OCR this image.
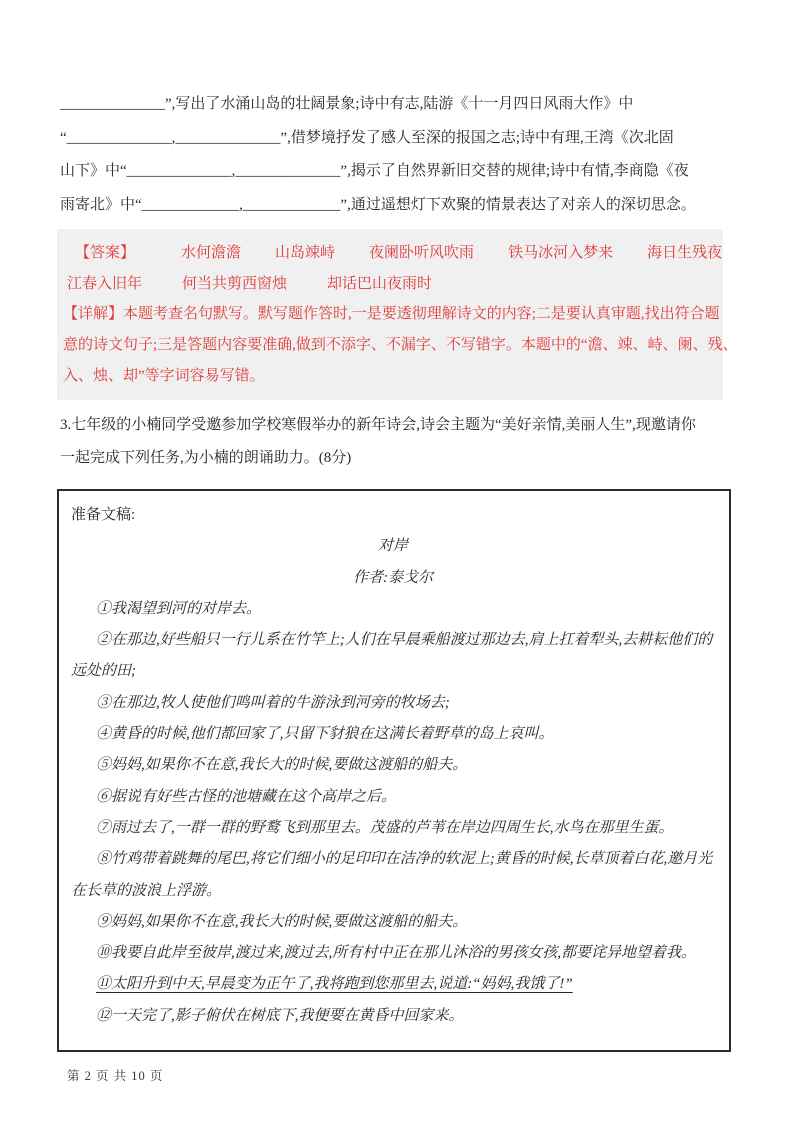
______________”,写出了水涌山岛的壮阔景象;诗中有志,陆游《十一月四日风雨大作》中
“______________,______________”,借梦境抒发了感人至深的报国之志;诗中有理,王湾《次北固
山下》中“______________,______________”,揭示了自然界新旧交替的规律;诗中有情,李商隐《夜
雨寄北》中“_____________,_____________”,通过遥想灯下欢聚的情景表达了对亲人的深切思念。
【答案】	水何澹澹 山岛竦峙 夜阑卧听风吹雨 铁马冰河入梦来 海日生残夜
江春入旧年	何当共剪西窗烛	却话巴山夜雨时
【详解】本题考查名句默写。默写题作答时,一是要透彻理解诗文的内容;二是要认真审题,找出符合题
意的诗文句子;三是答题内容要准确,做到不添字、不漏字、不写错字。本题中的“澹、竦、峙、阑、残、
入、烛、却”等字词容易写错。
3.七年级的小楠同学受邀参加学校寒假举办的新年诗会,诗会主题为“美好亲情,美丽人生”,现邀请你
一起完成下列任务,为小楠的朗诵助力。(8分)
准备文稿:
对岸
作者:泰戈尔
①我渴望到河的对岸去。
②在那边,好些船只一行儿系在竹竿上;人们在早晨乘船渡过那边去,肩上扛着犁头,去耕耘他们的
远处的田;
③在那边,牧人使他们鸣叫着的牛游泳到河旁的牧场去;
④黄昏的时候,他们都回家了,只留下豺狼在这满长着野草的岛上哀叫。
⑤妈妈,如果你不在意,我长大的时候,要做这渡船的船夫。
⑥据说有好些古怪的池塘藏在这个高岸之后。
⑦雨过去了,一群一群的野鹜飞到那里去。茂盛的芦苇在岸边四周生长,水鸟在那里生蛋。
⑧竹鸡带着跳舞的尾巴,将它们细小的足印印在洁净的软泥上;黄昏的时候,长草顶着白花,邀月光
在长草的波浪上浮游。
⑨妈妈,如果你不在意,我长大的时候,要做这渡船的船夫。
⑩我要自此岸至彼岸,渡过来,渡过去,所有村中正在那儿沐浴的男孩女孩,都要诧异地望着我。
⑪太阳升到中天,早晨变为正午了,我将跑到您那里去,说道:“妈妈,我饿了!”
⑫一天完了,影子俯伏在树底下,我便要在黄昏中回家来。
第 2 页 共 10 页
